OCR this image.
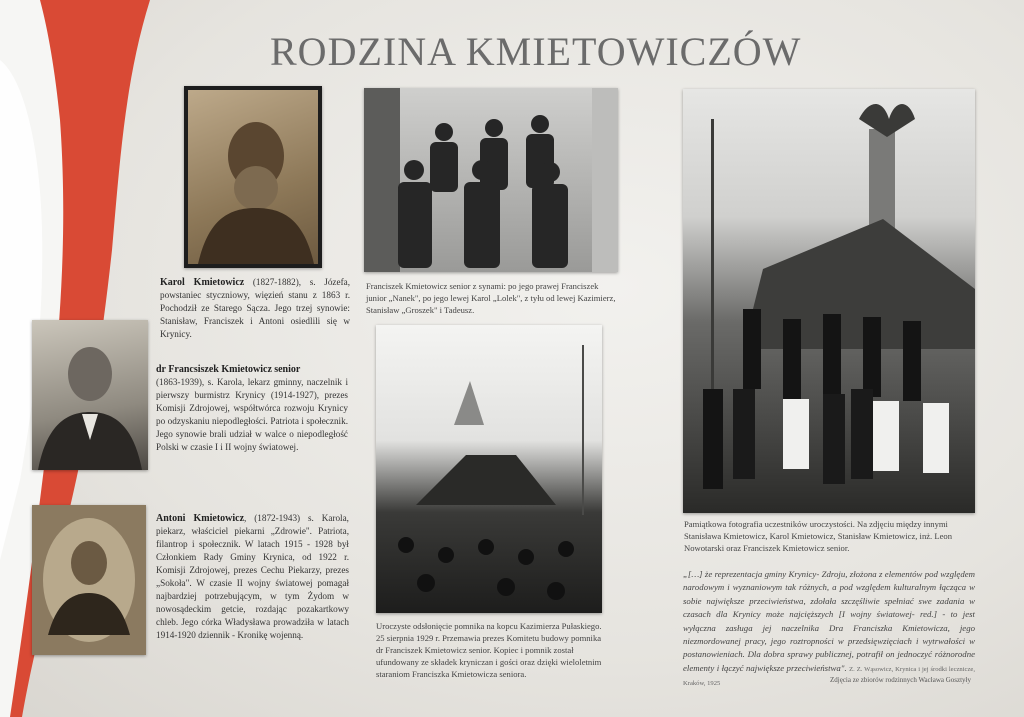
RODZINA KMIETOWICZÓW
Karol Kmietowicz (1827-1882), s. Józefa, powstaniec styczniowy, więzień stanu z 1863 r. Pochodził ze Starego Sącza. Jego trzej synowie: Stanisław, Franciszek i Antoni osiedlili się w Krynicy.
dr Francsiszek Kmietowicz senior
(1863-1939), s. Karola, lekarz gminny, naczelnik i pierwszy burmistrz Krynicy (1914-1927), prezes Komisji Zdrojowej, współtwórca rozwoju Krynicy po odzyskaniu niepodległości. Patriota i społecznik. Jego synowie brali udział w walce o niepodległość Polski w czasie I i II wojny światowej.
Antoni Kmietowicz, (1872-1943) s. Karola, piekarz, właściciel piekarni „Zdrowie". Patriota, filantrop i społecznik. W latach 1915 - 1928 był Członkiem Rady Gminy Krynica, od 1922 r. Komisji Zdrojowej, prezes Cechu Piekarzy, prezes „Sokoła". W czasie II wojny światowej pomagał najbardziej potrzebującym, w tym Żydom w nowosądeckim getcie, rozdając pozakartkowy chleb. Jego córka Władysława prowadziła w latach 1914-1920 dziennik - Kronikę wojenną.
Franciszek Kmietowicz senior z synami: po jego prawej Franciszek junior „Nanek", po jego lewej Karol „Lolek", z tyłu od lewej Kazimierz, Stanisław „Groszek" i Tadeusz.
Uroczyste odsłonięcie pomnika na kopcu Kazimierza Pułaskiego. 25 sierpnia 1929 r. Przemawia prezes Komitetu budowy pomnika dr Franciszek Kmietowicz senior. Kopiec i pomnik został ufundowany ze składek kryniczan i gości oraz dzięki wieloletnim staraniom Franciszka Kmietowicza seniora.
Pamiątkowa fotografia uczestników uroczystości. Na zdjęciu między innymi Stanisława Kmietowicz, Karol Kmietowicz, Stanisław Kmietowicz, inż. Leon Nowotarski oraz Franciszek Kmietowicz senior.
„[…] że reprezentacja gminy Krynicy- Zdroju, złożona z elementów pod względem narodowym i wyznaniowym tak różnych, a pod względem kulturalnym łącząca w sobie największe przeciwieństwa, zdołała szczęśliwie spełniać swe zadania w czasach dla Krynicy może najcięższych [I wojny światowej- red.] - to jest wyłączna zasługa jej naczelnika Dra Franciszka Kmietowicza, jego niezmordowanej pracy, jego roztropności w przedsięwzięciach i wytrwałości w postanowieniach. Dla dobra sprawy publicznej, potrafił on jednoczyć różnorodne elementy i łączyć największe przeciwieństwa". Z. Z. Wąsowicz, Krynica i jej środki lecznicze, Kraków, 1925	Zdjęcia ze zbiorów rodzinnych Wacława Gosztyły
